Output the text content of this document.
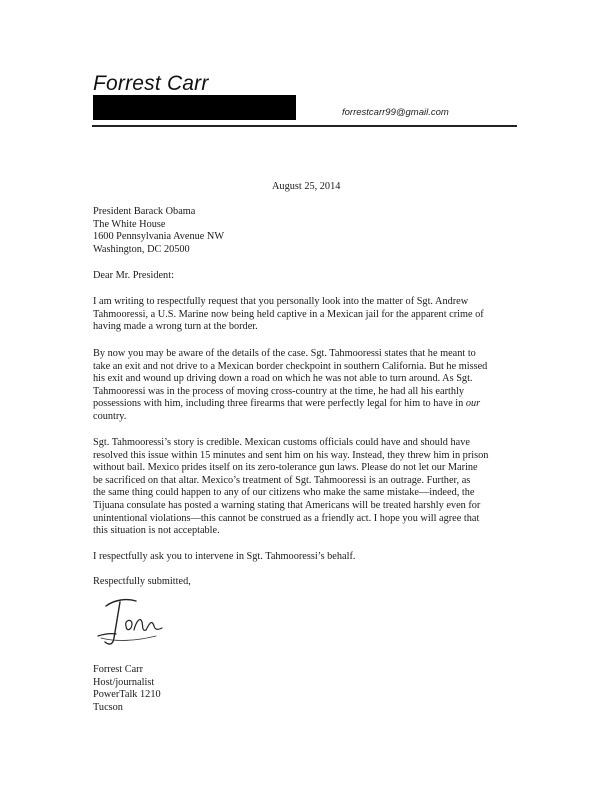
Forrest Carr
forrestcarr99@gmail.com
August 25, 2014
President Barack Obama
The White House
1600 Pennsylvania Avenue NW
Washington, DC 20500
Dear Mr. President:
I am writing to respectfully request that you personally look into the matter of Sgt. Andrew
Tahmooressi, a U.S. Marine now being held captive in a Mexican jail for the apparent crime of
having made a wrong turn at the border.
By now you may be aware of the details of the case. Sgt. Tahmooressi states that he meant to
take an exit and not drive to a Mexican border checkpoint in southern California. But he missed
his exit and wound up driving down a road on which he was not able to turn around. As Sgt.
Tahmooressi was in the process of moving cross-country at the time, he had all his earthly
possessions with him, including three firearms that were perfectly legal for him to have in our
country.
Sgt. Tahmooressi’s story is credible. Mexican customs officials could have and should have
resolved this issue within 15 minutes and sent him on his way. Instead, they threw him in prison
without bail. Mexico prides itself on its zero-tolerance gun laws. Please do not let our Marine
be sacrificed on that altar. Mexico’s treatment of Sgt. Tahmooressi is an outrage. Further, as
the same thing could happen to any of our citizens who make the same mistake—indeed, the
Tijuana consulate has posted a warning stating that Americans will be treated harshly even for
unintentional violations—this cannot be construed as a friendly act. I hope you will agree that
this situation is not acceptable.
I respectfully ask you to intervene in Sgt. Tahmooressi’s behalf.
Respectfully submitted,
Forrest Carr
Host/journalist
PowerTalk 1210
Tucson
